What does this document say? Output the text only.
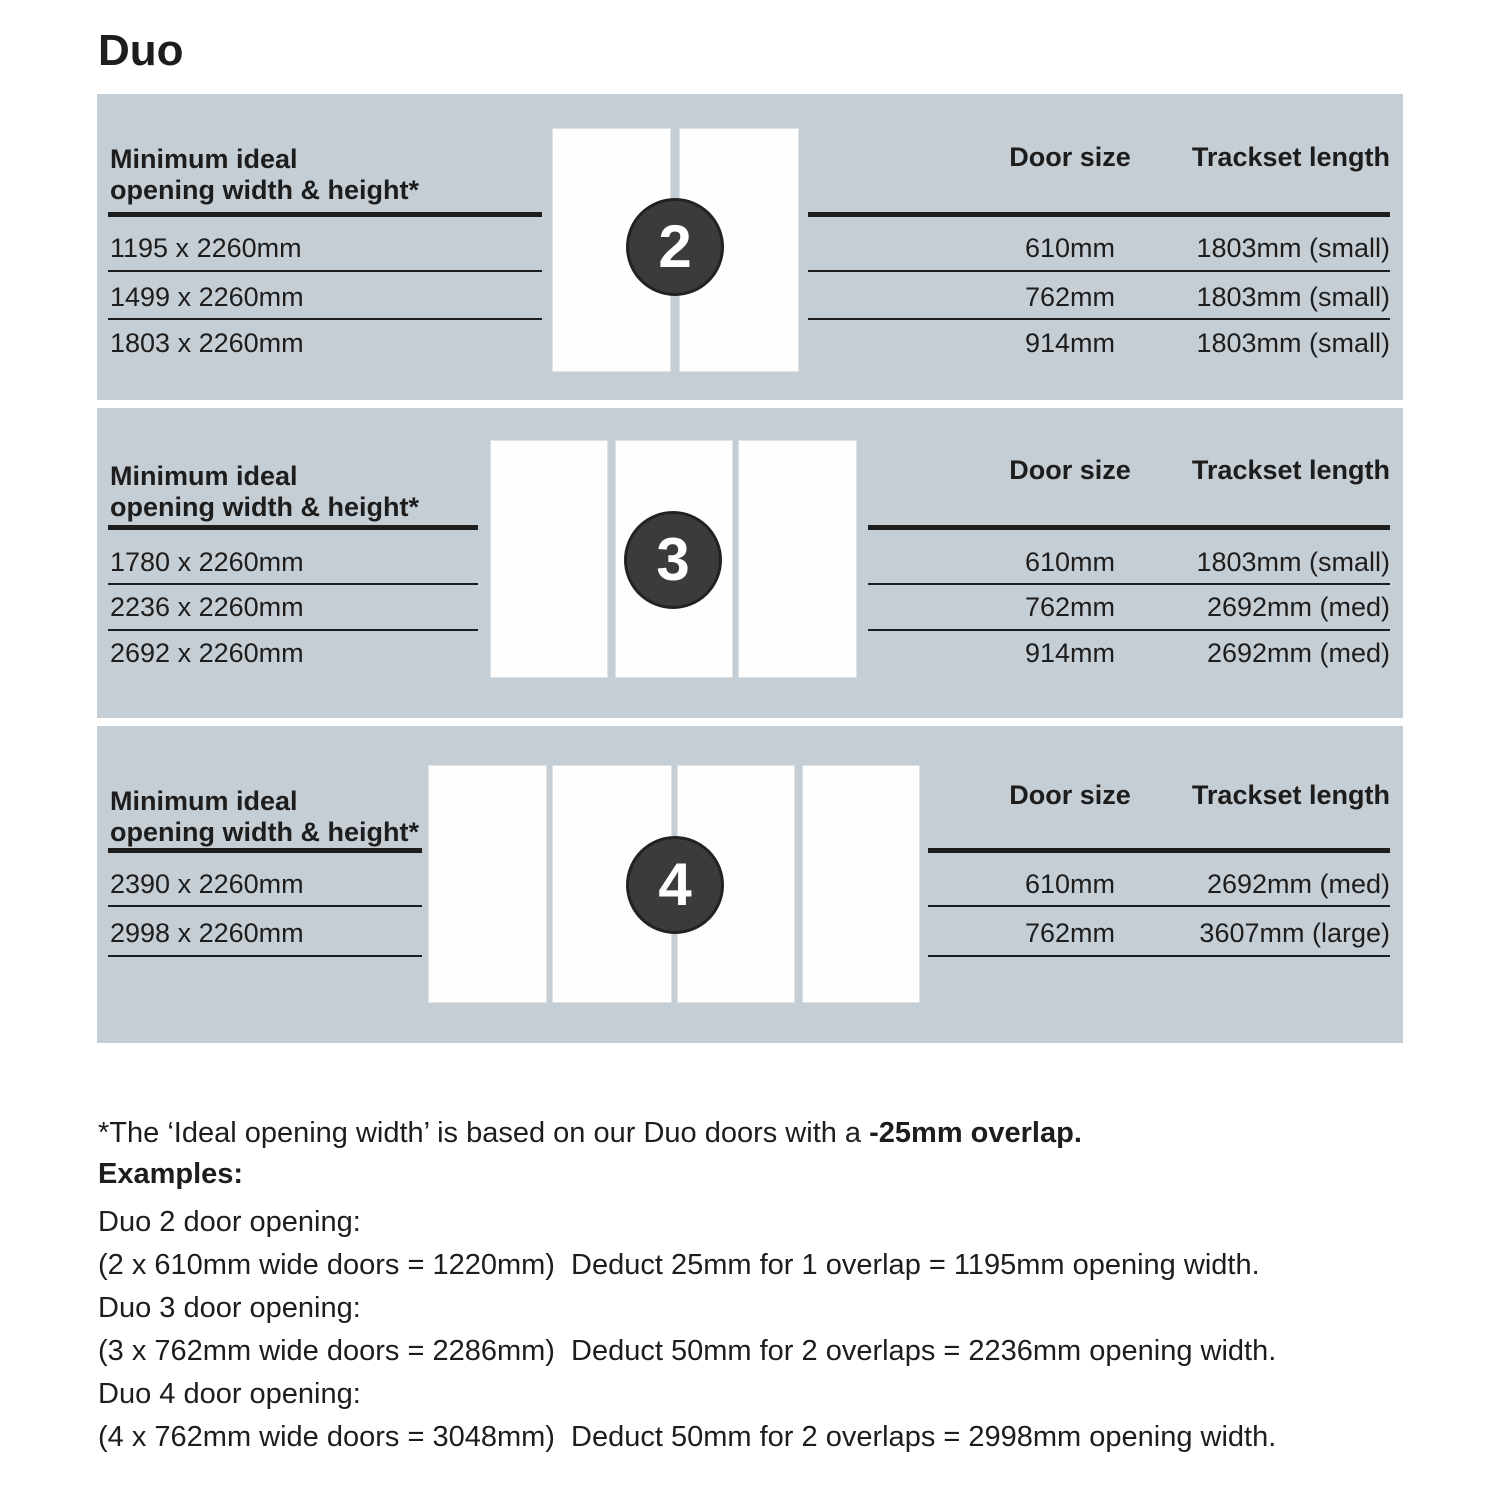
Duo
Minimum ideal
opening width & height*
Door size	Trackset length
1195 x 2260mm	610mm	1803mm (small)
1499 x 2260mm	762mm	1803mm (small)
1803 x 2260mm	914mm	1803mm (small)
2
Minimum ideal
opening width & height*
Door size	Trackset length
1780 x 2260mm	610mm	1803mm (small)
2236 x 2260mm	762mm	2692mm (med)
2692 x 2260mm	914mm	2692mm (med)
3
Minimum ideal
opening width & height*
Door size	Trackset length
2390 x 2260mm	610mm	2692mm (med)
2998 x 2260mm	762mm	3607mm (large)
4

*The ‘Ideal opening width’ is based on our Duo doors with a -25mm overlap.

Examples:
Duo 2 door opening:
(2 x 610mm wide doors = 1220mm)  Deduct 25mm for 1 overlap = 1195mm opening width.
Duo 3 door opening:
(3 x 762mm wide doors = 2286mm)  Deduct 50mm for 2 overlaps = 2236mm opening width.
Duo 4 door opening:
(4 x 762mm wide doors = 3048mm)  Deduct 50mm for 2 overlaps = 2998mm opening width.
